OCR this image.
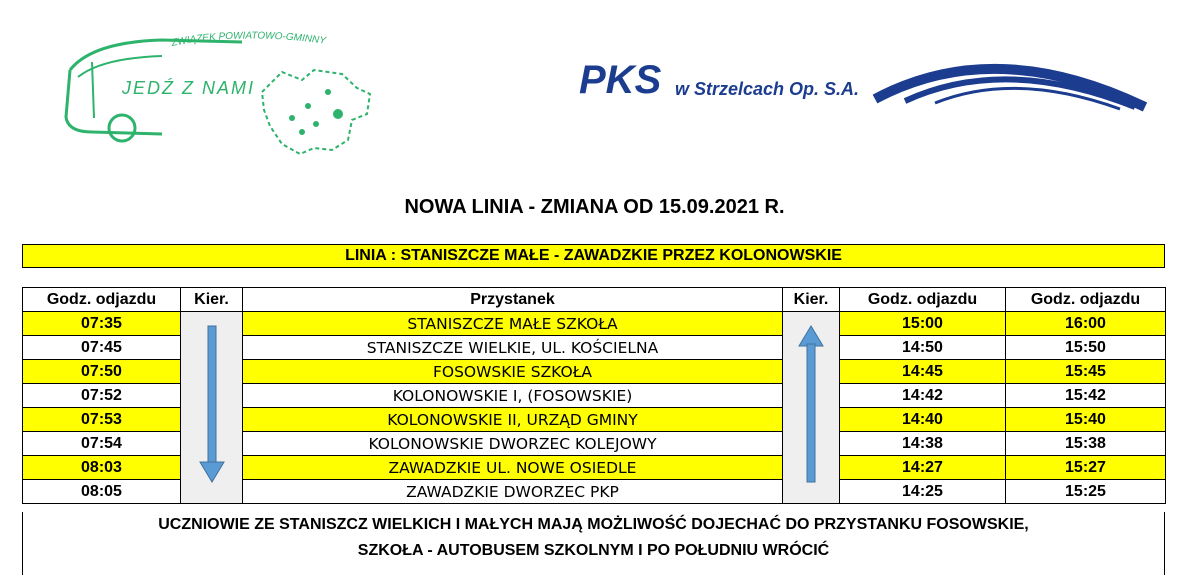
ZWIĄZEK POWIATOWO-GMINNY
JEDŹ Z NAMI	PKS w Strzelcach Op. S.A.
NOWA LINIA - ZMIANA OD 15.09.2021 R.
LINIA : STANISZCZE MAŁE - ZAWADZKIE PRZEZ KOLONOWSKIE
Godz. odjazdu	Kier.	Przystanek	Kier.	Godz. odjazdu	Godz. odjazdu
07:35		STANISZCZE MAŁE SZKOŁA		15:00	16:00
07:45		STANISZCZE WIELKIE, UL. KOŚCIELNA		14:50	15:50
07:50		FOSOWSKIE SZKOŁA		14:45	15:45
07:52		KOLONOWSKIE I, (FOSOWSKIE)		14:42	15:42
07:53		KOLONOWSKIE II, URZĄD GMINY		14:40	15:40
07:54		KOLONOWSKIE DWORZEC KOLEJOWY		14:38	15:38
08:03		ZAWADZKIE UL. NOWE OSIEDLE		14:27	15:27
08:05		ZAWADZKIE DWORZEC PKP		14:25	15:25
UCZNIOWIE ZE STANISZCZ WIELKICH I MAŁYCH MAJĄ MOŻLIWOŚĆ DOJECHAĆ DO PRZYSTANKU FOSOWSKIE,
SZKOŁA - AUTOBUSEM SZKOLNYM I PO POŁUDNIU WRÓCIĆ
